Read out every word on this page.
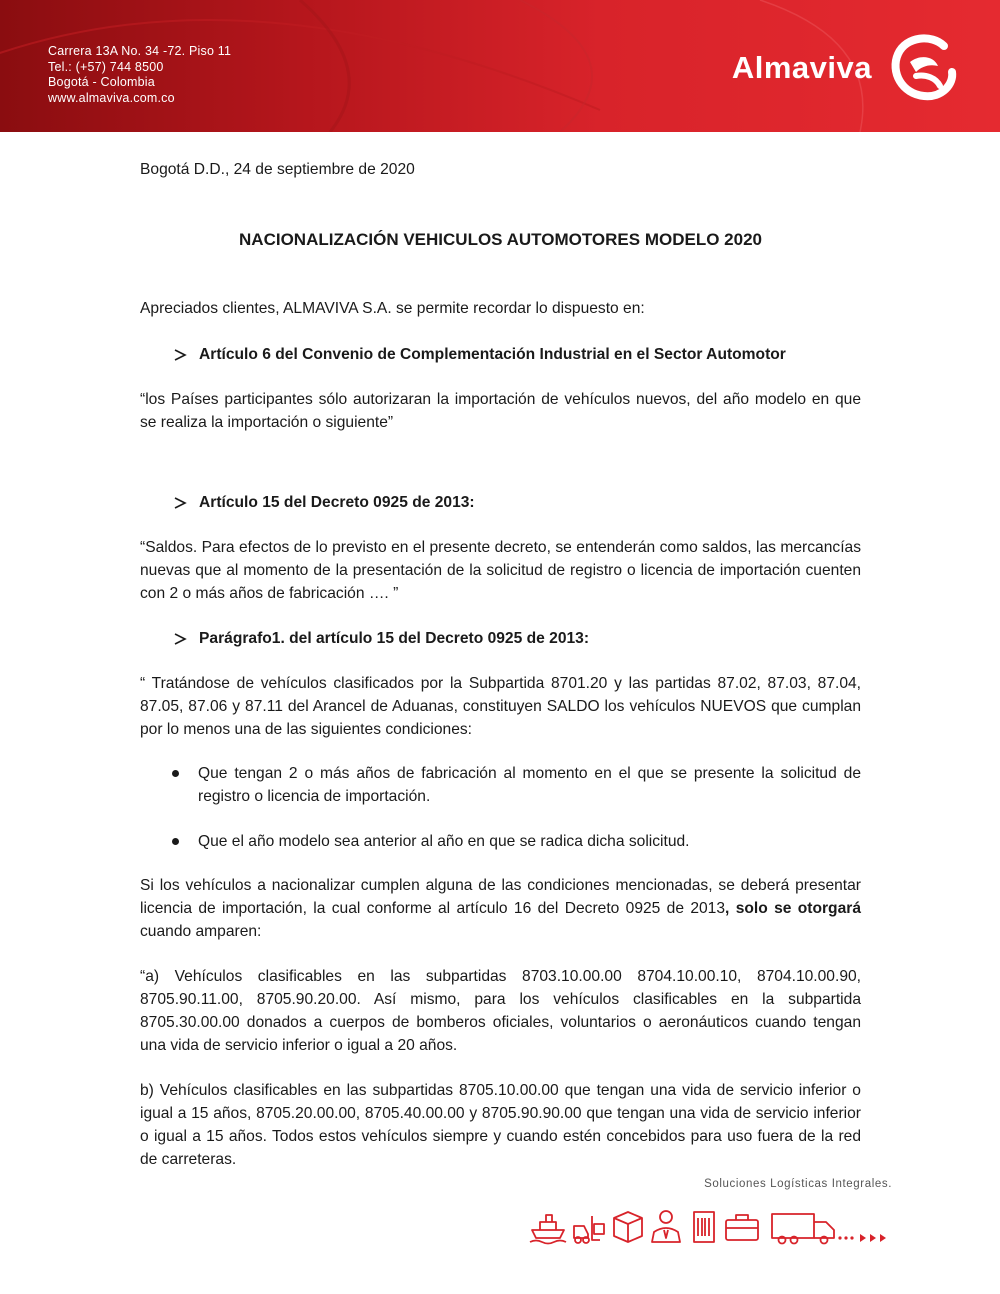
Carrera 13A No. 34 -72. Piso 11
Tel.: (+57) 744 8500
Bogotá - Colombia
www.almaviva.com.co
Almaviva

Bogotá D.D., 24 de septiembre de 2020

NACIONALIZACIÓN VEHICULOS AUTOMOTORES MODELO 2020

Apreciados clientes, ALMAVIVA S.A. se permite recordar lo dispuesto en:

Artículo 6 del Convenio de Complementación Industrial en el Sector Automotor

“los Países participantes sólo autorizaran la importación de vehículos nuevos, del año modelo en que se realiza la importación o siguiente”

Artículo 15 del Decreto 0925 de 2013:

“Saldos. Para efectos de lo previsto en el presente decreto, se entenderán como saldos, las mercancías nuevas que al momento de la presentación de la solicitud de registro o licencia de importación cuenten con 2 o más años de fabricación …. ”

Parágrafo1. del artículo 15 del Decreto 0925 de 2013:

“ Tratándose de vehículos clasificados por la Subpartida 8701.20 y las partidas 87.02, 87.03, 87.04, 87.05, 87.06 y 87.11 del Arancel de Aduanas, constituyen SALDO los vehículos NUEVOS que cumplan por lo menos una de las siguientes condiciones:

Que tengan 2 o más años de fabricación al momento en el que se presente la solicitud de registro o licencia de importación.
Que el año modelo sea anterior al año en que se radica dicha solicitud.

Si los vehículos a nacionalizar cumplen alguna de las condiciones mencionadas, se deberá presentar licencia de importación, la cual conforme al artículo 16 del Decreto 0925 de 2013, solo se otorgará cuando amparen:

“a) Vehículos clasificables en las subpartidas 8703.10.00.00 8704.10.00.10, 8704.10.00.90, 8705.90.11.00, 8705.90.20.00. Así mismo, para los vehículos clasificables en la subpartida 8705.30.00.00 donados a cuerpos de bomberos oficiales, voluntarios o aeronáuticos cuando tengan una vida de servicio inferior o igual a 20 años.

b) Vehículos clasificables en las subpartidas 8705.10.00.00 que tengan una vida de servicio inferior o igual a 15 años, 8705.20.00.00, 8705.40.00.00 y 8705.90.90.00 que tengan una vida de servicio inferior o igual a 15 años. Todos estos vehículos siempre y cuando estén concebidos para uso fuera de la red de carreteras.

Soluciones Logísticas Integrales.
